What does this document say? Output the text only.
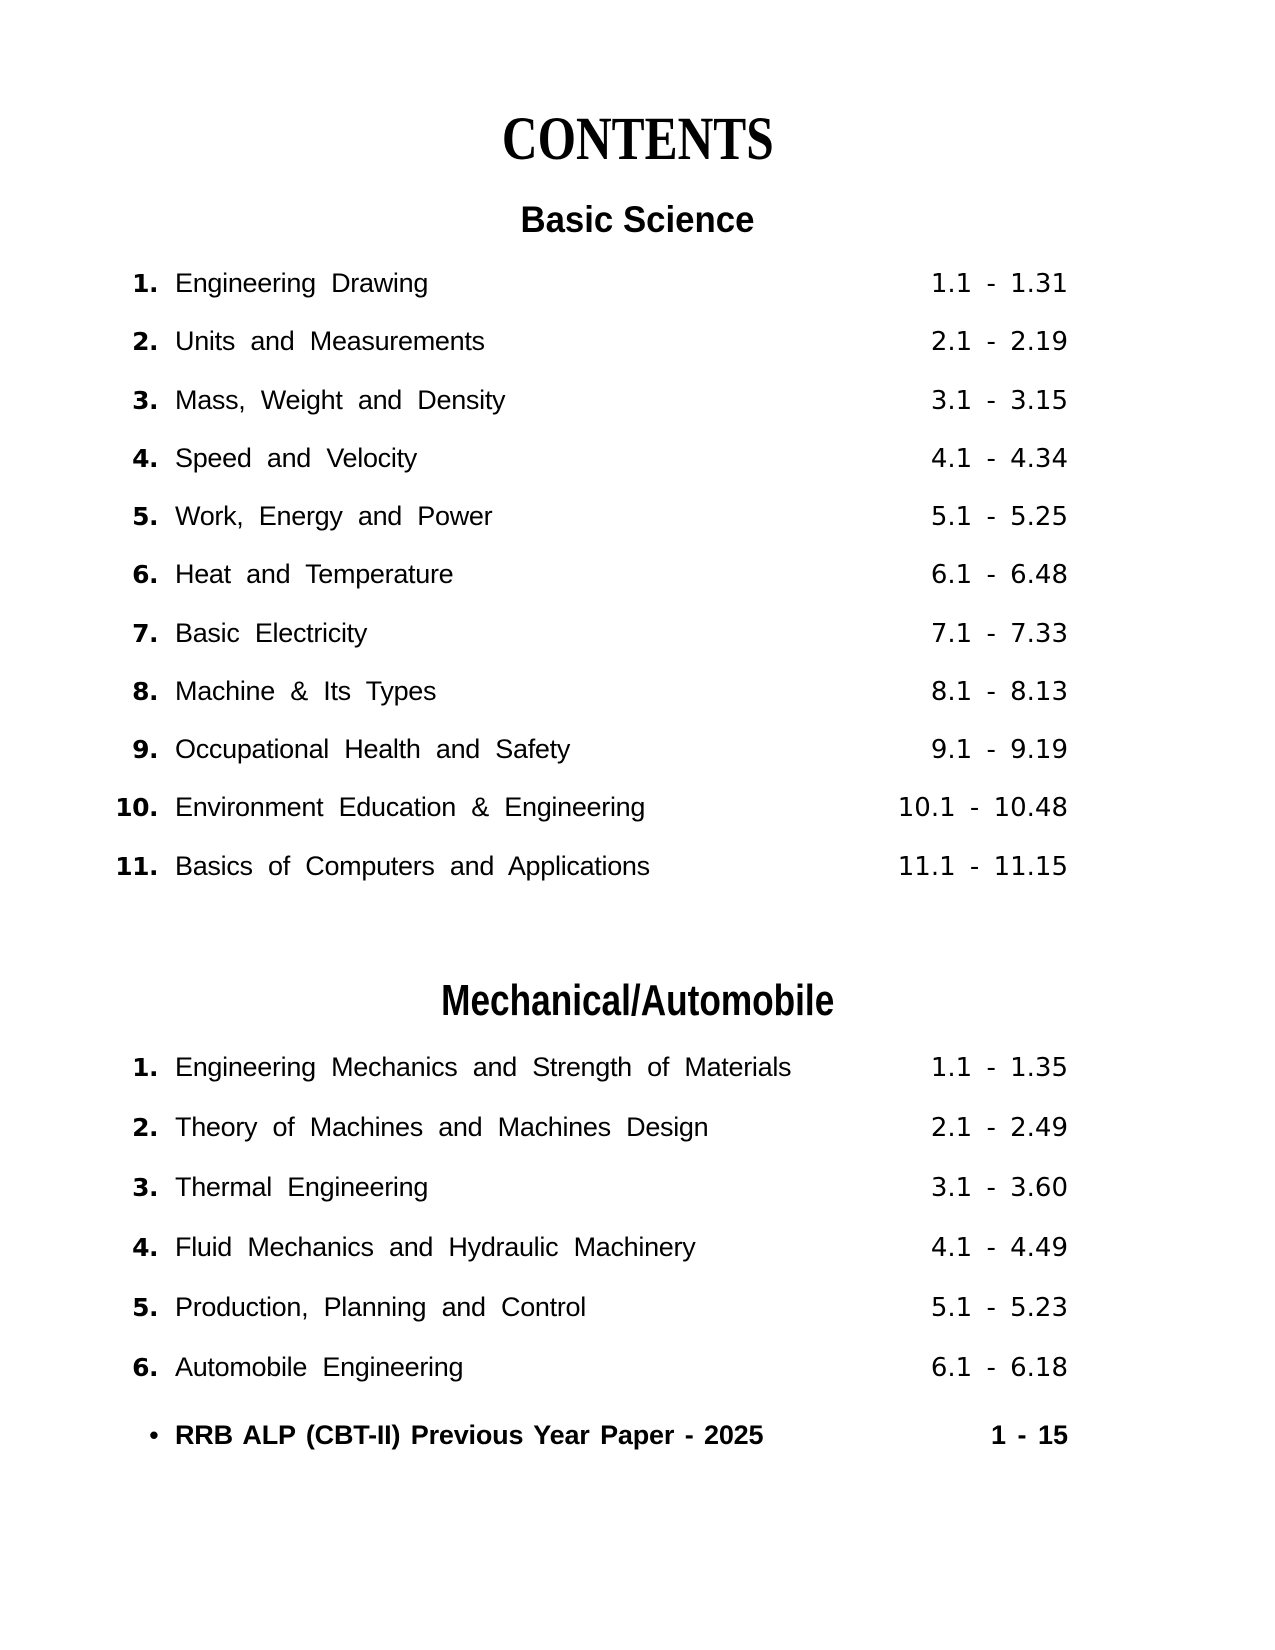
CONTENTS
Basic Science
1. Engineering Drawing	1.1 - 1.31
2. Units and Measurements	2.1 - 2.19
3. Mass, Weight and Density	3.1 - 3.15
4. Speed and Velocity	4.1 - 4.34
5. Work, Energy and Power	5.1 - 5.25
6. Heat and Temperature	6.1 - 6.48
7. Basic Electricity	7.1 - 7.33
8. Machine & Its Types	8.1 - 8.13
9. Occupational Health and Safety	9.1 - 9.19
10. Environment Education & Engineering	10.1 - 10.48
11. Basics of Computers and Applications	11.1 - 11.15
Mechanical/Automobile
1. Engineering Mechanics and Strength of Materials	1.1 - 1.35
2. Theory of Machines and Machines Design	2.1 - 2.49
3. Thermal Engineering	3.1 - 3.60
4. Fluid Mechanics and Hydraulic Machinery	4.1 - 4.49
5. Production, Planning and Control	5.1 - 5.23
6. Automobile Engineering	6.1 - 6.18
• RRB ALP (CBT-II) Previous Year Paper - 2025	1 - 15
